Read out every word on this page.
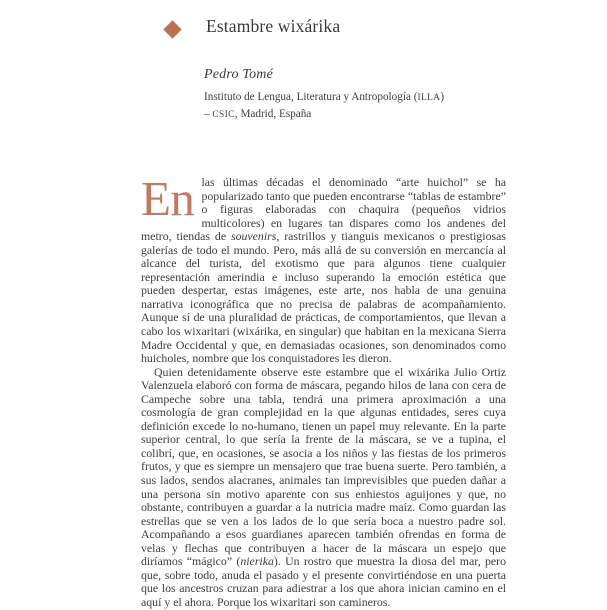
Estambre wixárika
Pedro Tomé
Instituto de Lengua, Literatura y Antropología (ILLA)
– CSIC, Madrid, España

En las últimas décadas el denominado “arte huichol” se ha popularizado tanto que pueden encontrarse “tablas de estambre” o figuras elaboradas con chaquira (pequeños vidrios multicolores) en lugares tan dispares como los andenes del metro, tiendas de souvenirs, rastrillos y tianguis mexicanos o prestigiosas galerías de todo el mundo. Pero, más allá de su conversión en mercancía al alcance del turista, del exotismo que para algunos tiene cualquier representación amerindia e incluso superando la emoción estética que pueden despertar, estas imágenes, este arte, nos habla de una genuina narrativa iconográfica que no precisa de palabras de acompañamiento. Aunque sí de una pluralidad de prácticas, de comportamientos, que llevan a cabo los wixaritari (wixárika, en singular) que habitan en la mexicana Sierra Madre Occidental y que, en demasiadas ocasiones, son denominados como huicholes, nombre que los conquistadores les dieron.

Quien detenidamente observe este estambre que el wixárika Julio Ortiz Valenzuela elaboró con forma de máscara, pegando hilos de lana con cera de Campeche sobre una tabla, tendrá una primera aproximación a una cosmología de gran complejidad en la que algunas entidades, seres cuya definición excede lo no-humano, tienen un papel muy relevante. En la parte superior central, lo que sería la frente de la máscara, se ve a tupina, el colibrí, que, en ocasiones, se asocia a los niños y las fiestas de los primeros frutos, y que es siempre un mensajero que trae buena suerte. Pero también, a sus lados, sendos alacranes, animales tan imprevisibles que pueden dañar a una persona sin motivo aparente con sus enhiestos aguijones y que, no obstante, contribuyen a guardar a la nutricia madre maíz. Como guardan las estrellas que se ven a los lados de lo que sería boca a nuestro padre sol. Acompañando a esos guardianes aparecen también ofrendas en forma de velas y flechas que contribuyen a hacer de la máscara un espejo que diríamos “mágico” (nierika). Un rostro que muestra la diosa del mar, pero que, sobre todo, anuda el pasado y el presente convirtiéndose en una puerta que los ancestros cruzan para adiestrar a los que ahora inician camino en el aquí y el ahora. Porque los wixaritari son camineros.
